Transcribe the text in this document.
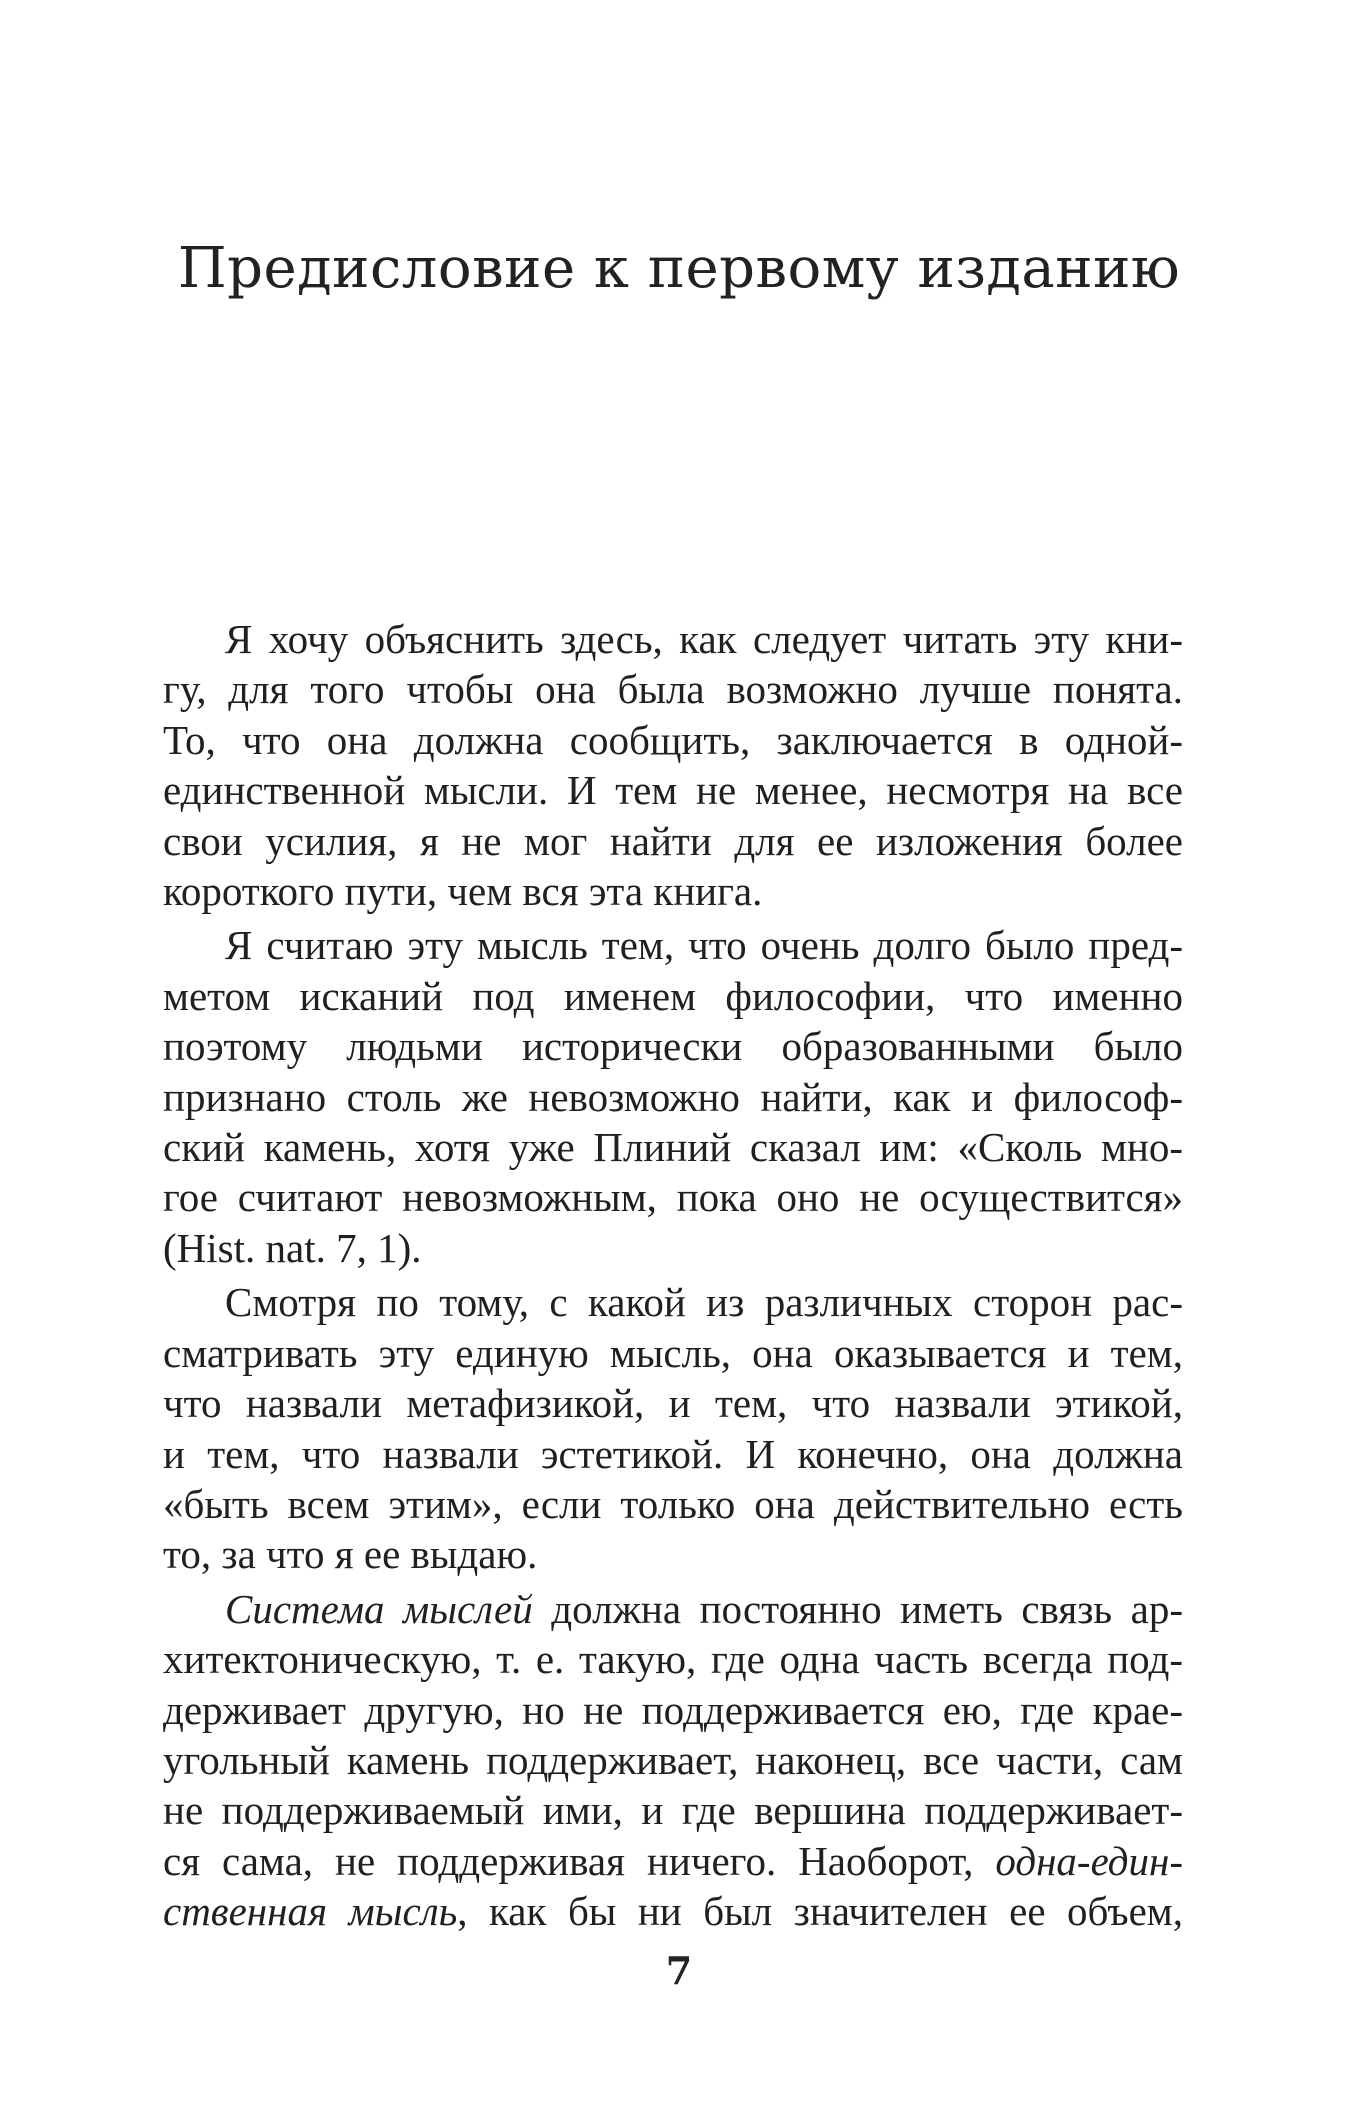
Предисловие к первому изданию
Я хочу объяснить здесь, как следует читать эту кни-
гу, для того чтобы она была возможно лучше понята.
То, что она должна сообщить, заключается в одной-
единственной мысли. И тем не менее, несмотря на все
свои усилия, я не мог найти для ее изложения более
короткого пути, чем вся эта книга.
Я считаю эту мысль тем, что очень долго было пред-
метом исканий под именем философии, что именно
поэтому людьми исторически образованными было
признано столь же невозможно найти, как и философ-
ский камень, хотя уже Плиний сказал им: «Сколь мно-
гое считают невозможным, пока оно не осуществится»
(Hist. nat. 7, 1).
Смотря по тому, с какой из различных сторон рас-
сматривать эту единую мысль, она оказывается и тем,
что назвали метафизикой, и тем, что назвали этикой,
и тем, что назвали эстетикой. И конечно, она должна
«быть всем этим», если только она действительно есть
то, за что я ее выдаю.
Система мыслей должна постоянно иметь связь ар-
хитектоническую, т. е. такую, где одна часть всегда под-
держивает другую, но не поддерживается ею, где крае-
угольный камень поддерживает, наконец, все части, сам
не поддерживаемый ими, и где вершина поддерживает-
ся сама, не поддерживая ничего. Наоборот, одна-един-
ственная мысль, как бы ни был значителен ее объем,
7
